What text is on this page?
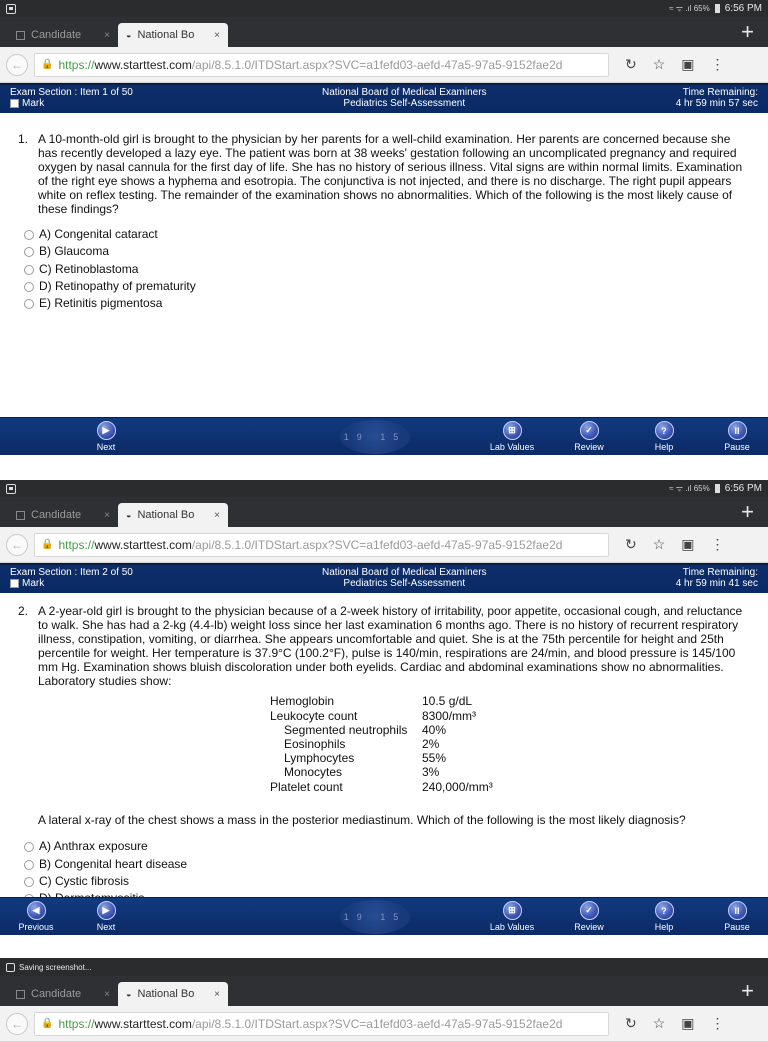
≈ ᯤ .ıl 65% 6:56 PM
Candidate × ◒ National Bo ×	+
←	🔒 https:// www.starttest.com /api/8.5.1.0/ITDStart.aspx?SVC=a1fefd03-aefd-47a5-97a5-9152fae2d	↻ ☆ ▣ ⋮
Exam Section : Item 1 of 50
Mark
National Board of Medical Examiners
Pediatrics Self-Assessment
Time Remaining:
4 hr 59 min 57 sec
1. A 10-month-old girl is brought to the physician by her parents for a well-child examination. Her parents are concerned because she has recently developed a lazy eye. The patient was born at 38 weeks' gestation following an uncomplicated pregnancy and required oxygen by nasal cannula for the first day of life. She has no history of serious illness. Vital signs are within normal limits. Examination of the right eye shows a hyphema and esotropia. The conjunctiva is not injected, and there is no discharge. The right pupil appears white on reflex testing. The remainder of the examination shows no abnormalities. Which of the following is the most likely cause of these findings?
A) Congenital cataract
B) Glaucoma
C) Retinoblastoma
D) Retinopathy of prematurity
E) Retinitis pigmentosa
19 15
▶
Next
⊞
Lab Values
✓
Review
?
Help
II
Pause
≈ ᯤ .ıl 65% 6:56 PM
Candidate × ◒ National Bo ×	+
←	🔒 https:// www.starttest.com /api/8.5.1.0/ITDStart.aspx?SVC=a1fefd03-aefd-47a5-97a5-9152fae2d	↻ ☆ ▣ ⋮
Exam Section : Item 2 of 50
Mark
National Board of Medical Examiners
Pediatrics Self-Assessment
Time Remaining:
4 hr 59 min 41 sec
2. A 2-year-old girl is brought to the physician because of a 2-week history of irritability, poor appetite, occasional cough, and reluctance to walk. She has had a 2-kg (4.4-lb) weight loss since her last examination 6 months ago. There is no history of recurrent respiratory illness, constipation, vomiting, or diarrhea. She appears uncomfortable and quiet. She is at the 75th percentile for height and 25th percentile for weight. Her temperature is 37.9°C (100.2°F), pulse is 140/min, respirations are 24/min, and blood pressure is 145/100 mm Hg. Examination shows bluish discoloration under both eyelids. Cardiac and abdominal examinations show no abnormalities. Laboratory studies show:
Hemoglobin	10.5 g/dL
Leukocyte count	8300/mm³
Segmented neutrophils	40%
Eosinophils	2%
Lymphocytes	55%
Monocytes	3%
Platelet count	240,000/mm³
A lateral x-ray of the chest shows a mass in the posterior mediastinum. Which of the following is the most likely diagnosis?
A) Anthrax exposure
B) Congenital heart disease
C) Cystic fibrosis
19 15
◀
Previous
▶
Next
⊞
Lab Values
✓
Review
?
Help
II
Pause
Saving screenshot...
Candidate × ◒ National Bo ×	+
←	🔒 https:// www.starttest.com /api/8.5.1.0/ITDStart.aspx?SVC=a1fefd03-aefd-47a5-97a5-9152fae2d	↻ ☆ ▣ ⋮
